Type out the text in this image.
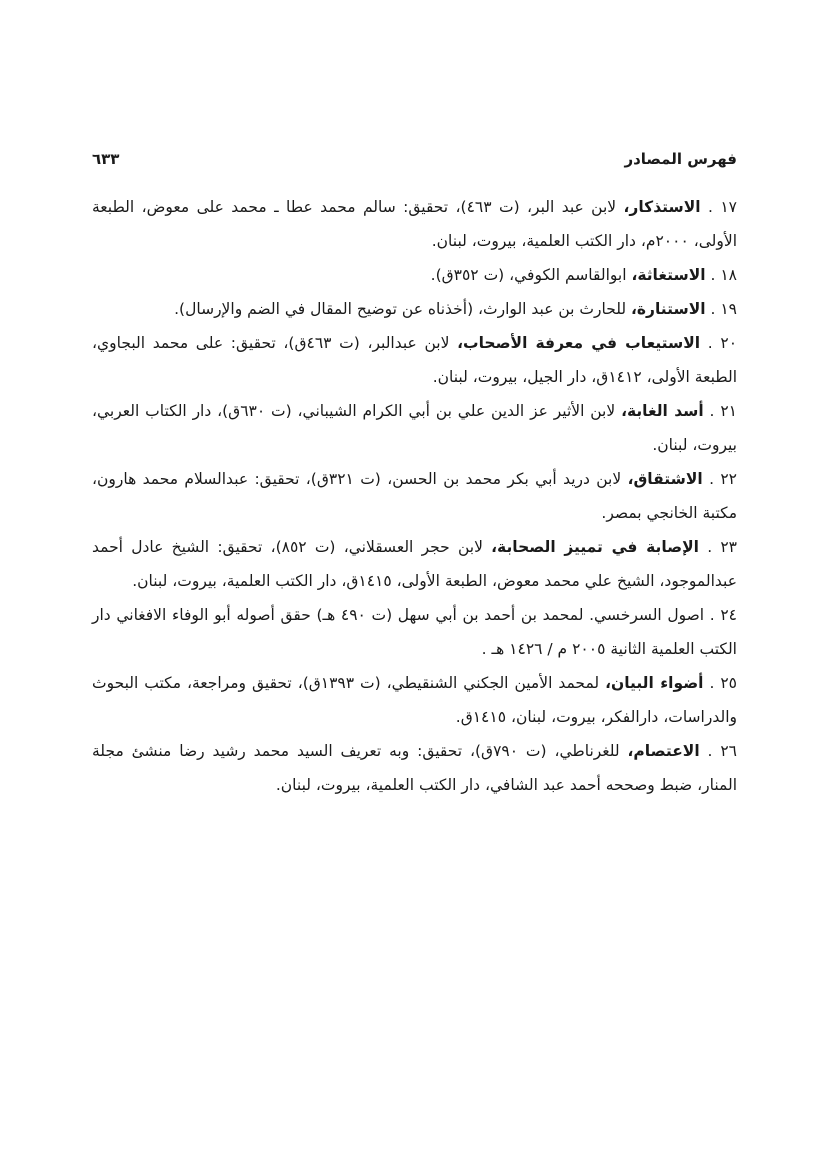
فهرس المصادر
٦٣٣

١٧ . الاستذكار، لابن عبد البر، (ت ٤٦٣)، تحقيق: سالم محمد عطا ـ محمد على معوض، الطبعة الأولى، ٢٠٠٠م، دار الكتب العلمية، بيروت، لبنان.

١٨ . الاستغاثة، ابوالقاسم الكوفي، (ت ٣٥٢ق).

١٩ . الاستنارة، للحارث بن عبد الوارث، (أخذناه عن توضيح المقال في الضم والإرسال).

٢٠ . الاستيعاب في معرفة الأصحاب، لابن عبدالبر، (ت ٤٦٣ق)، تحقيق: على محمد البجاوي، الطبعة الأولى، ١٤١٢ق، دار الجيل، بيروت، لبنان.

٢١ . أسد الغابة، لابن الأثير عز الدين علي بن أبي الكرام الشيباني، (ت ٦٣٠ق)، دار الكتاب العربي، بيروت، لبنان.

٢٢ . الاشتقاق، لابن دريد أبي بكر محمد بن الحسن، (ت ٣٢١ق)، تحقيق: عبدالسلام محمد هارون، مكتبة الخانجي بمصر.

٢٣ . الإصابة في تمييز الصحابة، لابن حجر العسقلاني، (ت ٨٥٢)، تحقيق: الشيخ عادل أحمد عبدالموجود، الشيخ علي محمد معوض، الطبعة الأولى، ١٤١٥ق، دار الكتب العلمية، بيروت، لبنان.

٢٤ . اصول السرخسي. لمحمد بن أحمد بن أبي سهل (ت ٤٩٠ هـ) حقق أصوله أبو الوفاء الافغاني دار الكتب العلمية الثانية ٢٠٠٥ م / ١٤٢٦ هـ .

٢٥ . أضواء البيان، لمحمد الأمين الجكني الشنقيطي، (ت ١٣٩٣ق)، تحقيق ومراجعة، مكتب البحوث والدراسات، دارالفكر، بيروت، لبنان، ١٤١٥ق.

٢٦ . الاعتصام، للغرناطي، (ت ٧٩٠ق)، تحقيق: وبه تعريف السيد محمد رشيد رضا منشئ مجلة المنار، ضبط وصححه أحمد عبد الشافي، دار الكتب العلمية، بيروت، لبنان.
